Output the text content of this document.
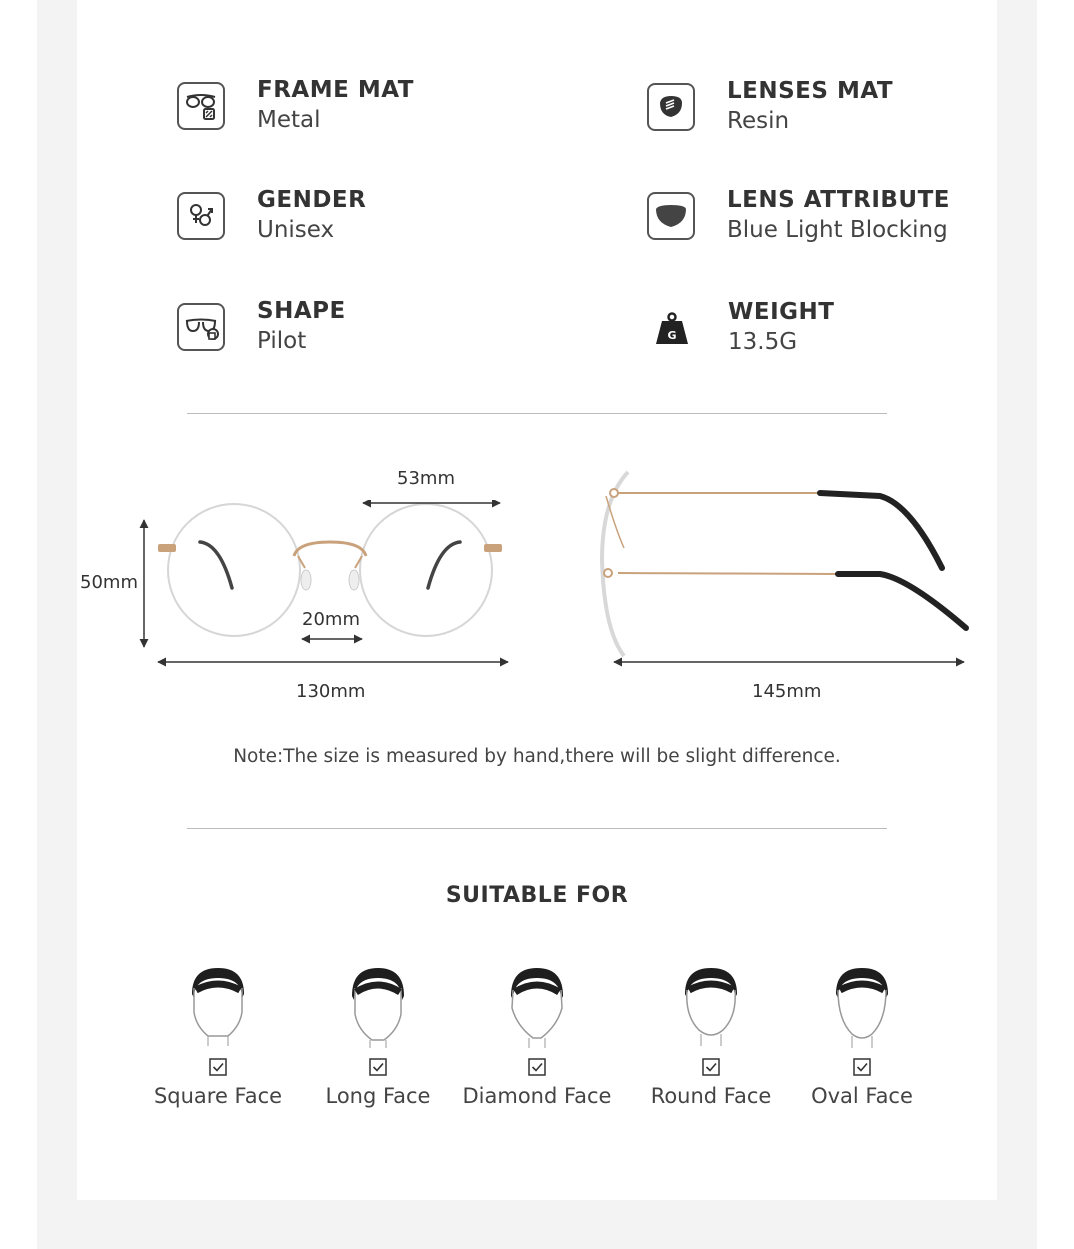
FRAME MAT
Metal
LENSES MAT
Resin
GENDER
Unisex
LENS ATTRIBUTE
Blue Light Blocking
SHAPE
Pilot	G
WEIGHT
13.5G
53mm
50mm
20mm
130mm	145mm
Note:The size is measured by hand,there will be slight difference.
SUITABLE FOR
Square Face	Long Face	Diamond Face	Round Face	Oval Face
